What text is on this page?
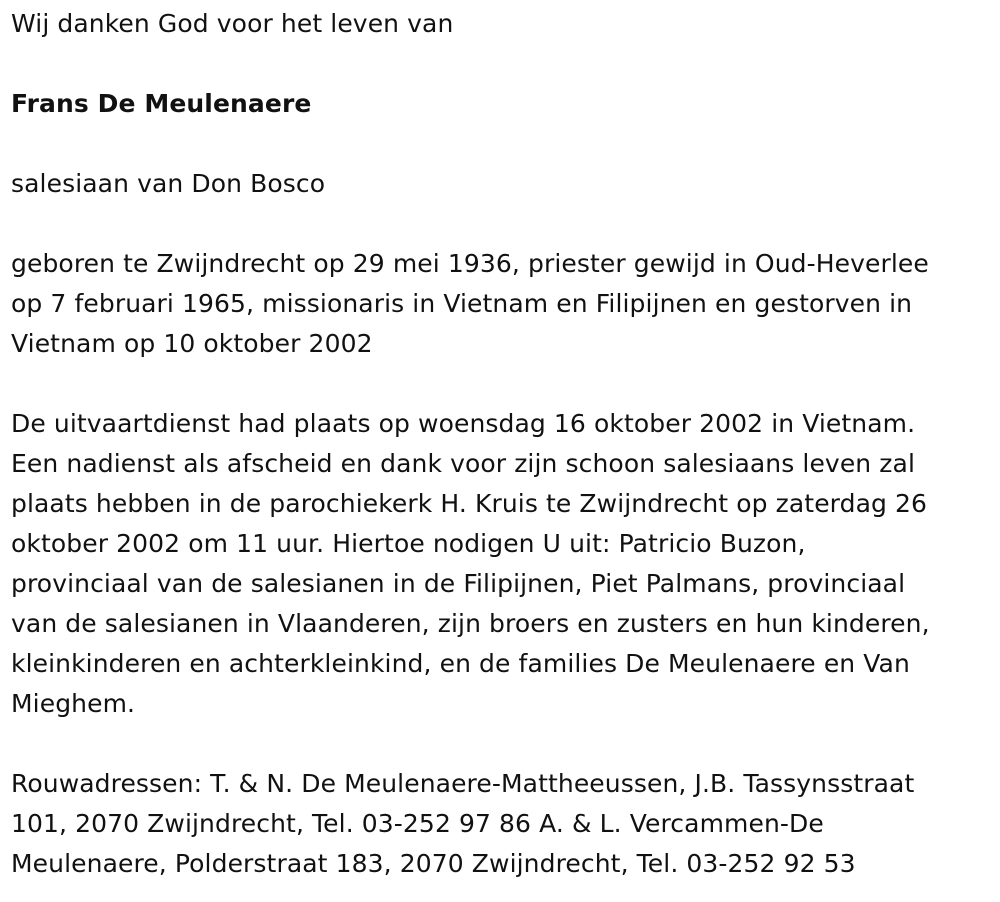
Wij danken God voor het leven van
Frans De Meulenaere
salesiaan van Don Bosco
geboren te Zwijndrecht op 29 mei 1936, priester gewijd in Oud-Heverlee
op 7 februari 1965, missionaris in Vietnam en Filipijnen en gestorven in
Vietnam op 10 oktober 2002
De uitvaartdienst had plaats op woensdag 16 oktober 2002 in Vietnam.
Een nadienst als afscheid en dank voor zijn schoon salesiaans leven zal
plaats hebben in de parochiekerk H. Kruis te Zwijndrecht op zaterdag 26
oktober 2002 om 11 uur. Hiertoe nodigen U uit: Patricio Buzon,
provinciaal van de salesianen in de Filipijnen, Piet Palmans, provinciaal
van de salesianen in Vlaanderen, zijn broers en zusters en hun kinderen,
kleinkinderen en achterkleinkind, en de families De Meulenaere en Van
Mieghem.
Rouwadressen: T. & N. De Meulenaere-Mattheeussen, J.B. Tassynsstraat
101, 2070 Zwijndrecht, Tel. 03-252 97 86 A. & L. Vercammen-De
Meulenaere, Polderstraat 183, 2070 Zwijndrecht, Tel. 03-252 92 53
